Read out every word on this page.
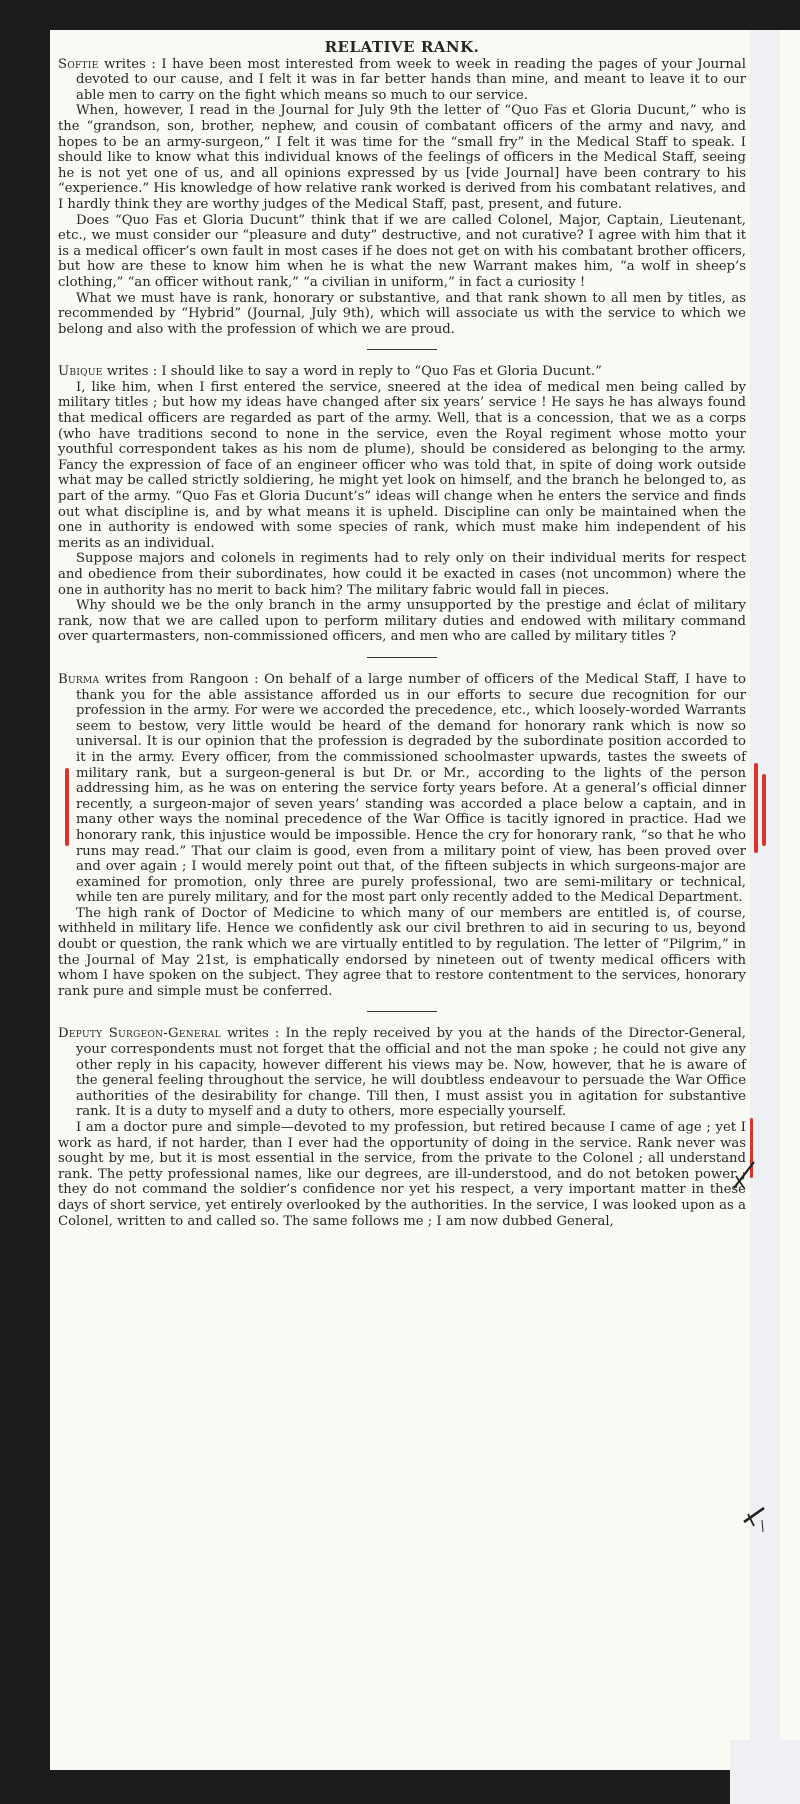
RELATIVE RANK.

Softie writes : I have been most interested from week to week in reading the pages of your Journal devoted to our cause, and I felt it was in far better hands than mine, and meant to leave it to our able men to carry on the fight which means so much to our service.

When, however, I read in the Journal for July 9th the letter of “Quo Fas et Gloria Ducunt,” who is the “grandson, son, brother, nephew, and cousin of combatant officers of the army and navy, and hopes to be an army-surgeon,” I felt it was time for the “small fry” in the Medical Staff to speak. I should like to know what this individual knows of the feelings of officers in the Medical Staff, seeing he is not yet one of us, and all opinions expressed by us [vide Journal] have been contrary to his “experience.” His knowledge of how relative rank worked is derived from his combatant relatives, and I hardly think they are worthy judges of the Medical Staff, past, present, and future.

Does “Quo Fas et Gloria Ducunt” think that if we are called Colonel, Major, Captain, Lieutenant, etc., we must consider our “pleasure and duty” destructive, and not curative? I agree with him that it is a medical officer’s own fault in most cases if he does not get on with his combatant brother officers, but how are these to know him when he is what the new Warrant makes him, “a wolf in sheep’s clothing,” “an officer without rank,” “a civilian in uniform,” in fact a curiosity !

What we must have is rank, honorary or substantive, and that rank shown to all men by titles, as recommended by “Hybrid” (Journal, July 9th), which will associate us with the service to which we belong and also with the profession of which we are proud.

Ubique writes : I should like to say a word in reply to “Quo Fas et Gloria Ducunt.”

I, like him, when I first entered the service, sneered at the idea of medical men being called by military titles ; but how my ideas have changed after six years’ service ! He says he has always found that medical officers are regarded as part of the army. Well, that is a concession, that we as a corps (who have traditions second to none in the service, even the Royal regiment whose motto your youthful correspondent takes as his nom de plume), should be considered as belonging to the army. Fancy the expression of face of an engineer officer who was told that, in spite of doing work outside what may be called strictly soldiering, he might yet look on himself, and the branch he belonged to, as part of the army. “Quo Fas et Gloria Ducunt’s” ideas will change when he enters the service and finds out what discipline is, and by what means it is upheld. Discipline can only be maintained when the one in authority is endowed with some species of rank, which must make him independent of his merits as an individual.

Suppose majors and colonels in regiments had to rely only on their individual merits for respect and obedience from their subordinates, how could it be exacted in cases (not uncommon) where the one in authority has no merit to back him? The military fabric would fall in pieces.

Why should we be the only branch in the army unsupported by the prestige and éclat of military rank, now that we are called upon to perform military duties and endowed with military command over quartermasters, non-commissioned officers, and men who are called by military titles ?

Burma writes from Rangoon : On behalf of a large number of officers of the Medical Staff, I have to thank you for the able assistance afforded us in our efforts to secure due recognition for our profession in the army. For were we accorded the precedence, etc., which loosely-worded Warrants seem to bestow, very little would be heard of the demand for honorary rank which is now so universal. It is our opinion that the profession is degraded by the subordinate position accorded to it in the army. Every officer, from the commissioned schoolmaster upwards, tastes the sweets of military rank, but a surgeon-general is but Dr. or Mr., according to the lights of the person addressing him, as he was on entering the service forty years before. At a general’s official dinner recently, a surgeon-major of seven years’ standing was accorded a place below a captain, and in many other ways the nominal precedence of the War Office is tacitly ignored in practice. Had we honorary rank, this injustice would be impossible. Hence the cry for honorary rank, “so that he who runs may read.” That our claim is good, even from a military point of view, has been proved over and over again ; I would merely point out that, of the fifteen subjects in which surgeons-major are examined for promotion, only three are purely professional, two are semi-military or technical, while ten are purely military, and for the most part only recently added to the Medical Department.

The high rank of Doctor of Medicine to which many of our members are entitled is, of course, withheld in military life. Hence we confidently ask our civil brethren to aid in securing to us, beyond doubt or question, the rank which we are virtually entitled to by regulation. The letter of “Pilgrim,” in the Journal of May 21st, is emphatically endorsed by nineteen out of twenty medical officers with whom I have spoken on the subject. They agree that to restore contentment to the services, honorary rank pure and simple must be conferred.

Deputy Surgeon-General writes : In the reply received by you at the hands of the Director-General, your correspondents must not forget that the official and not the man spoke ; he could not give any other reply in his capacity, however different his views may be. Now, however, that he is aware of the general feeling throughout the service, he will doubtless endeavour to persuade the War Office authorities of the desirability for change. Till then, I must assist you in agitation for substantive rank. It is a duty to myself and a duty to others, more especially yourself.

I am a doctor pure and simple—devoted to my profession, but retired because I came of age ; yet I work as hard, if not harder, than I ever had the opportunity of doing in the service. Rank never was sought by me, but it is most essential in the service, from the private to the Colonel ; all understand rank. The petty professional names, like our degrees, are ill-understood, and do not betoken power ; they do not command the soldier’s confidence nor yet his respect, a very important matter in these days of short service, yet entirely overlooked by the authorities. In the service, I was looked upon as a Colonel, written to and called so. The same follows me ; I am now dubbed General,
